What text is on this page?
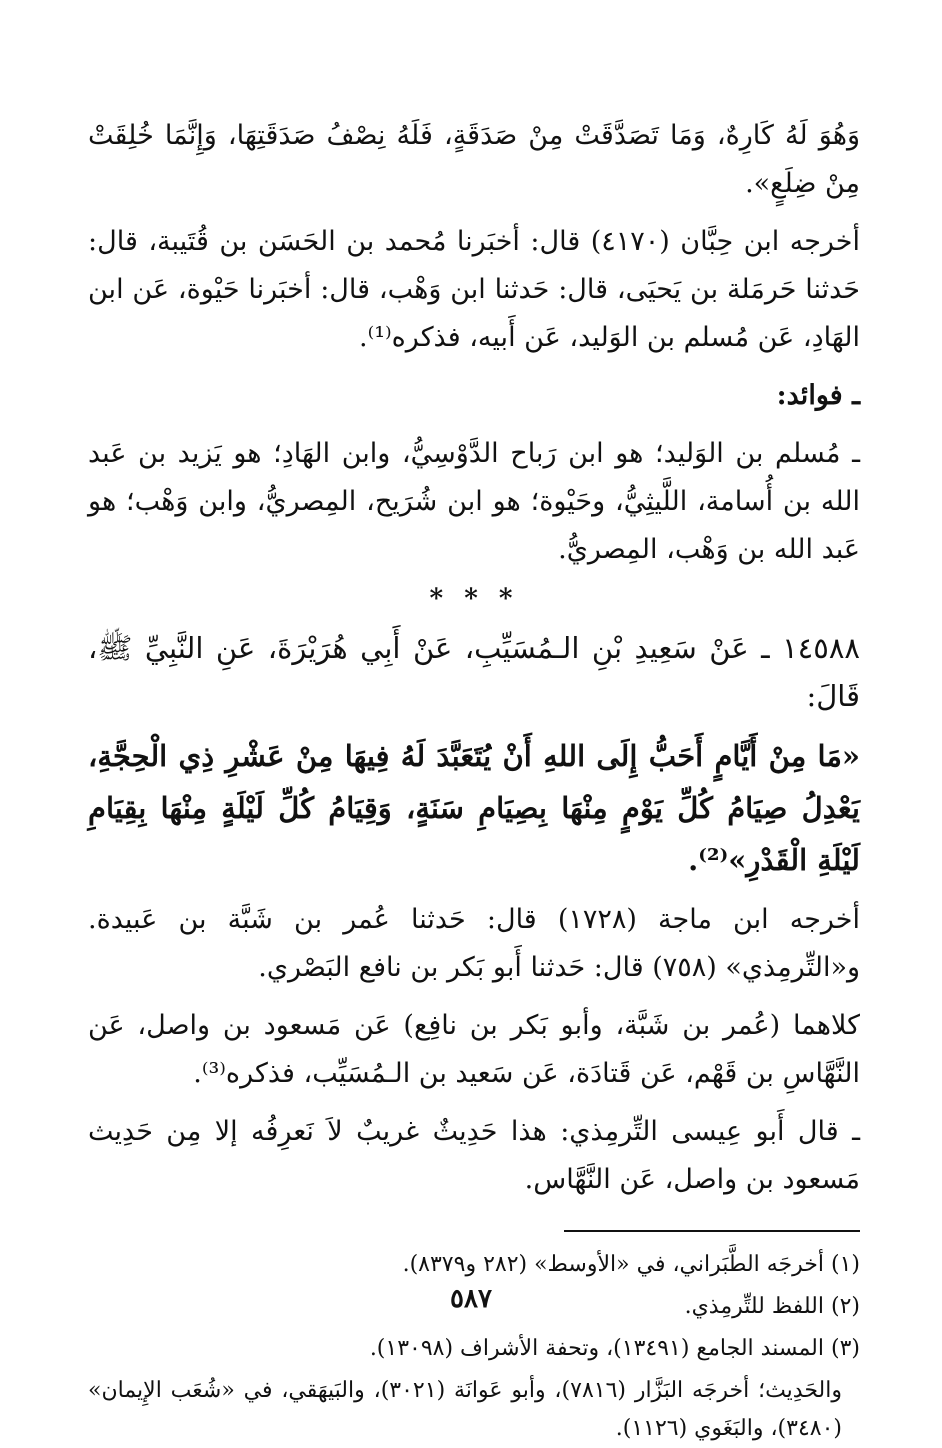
وَهُوَ لَهُ كَارِهٌ، وَمَا تَصَدَّقَتْ مِنْ صَدَقَةٍ، فَلَهُ نِصْفُ صَدَقَتِهَا، وَإِنَّمَا خُلِقَتْ مِنْ ضِلَعٍ».

أخرجه ابن حِبَّان (٤١٧٠) قال: أخبَرنا مُحمد بن الحَسَن بن قُتَيبة، قال: حَدثنا حَرمَلة بن يَحيَى، قال: حَدثنا ابن وَهْب، قال: أخبَرنا حَيْوة، عَن ابن الهَادِ، عَن مُسلم بن الوَليد، عَن أَبيه، فذكره⁽¹⁾.

ـ فوائد:

ـ مُسلم بن الوَليد؛ هو ابن رَباح الدَّوْسِيُّ، وابن الهَادِ؛ هو يَزيد بن عَبد الله بن أُسامة، اللَّيثِيُّ، وحَيْوة؛ هو ابن شُرَيح، المِصريُّ، وابن وَهْب؛ هو عَبد الله بن وَهْب، المِصريُّ.

* * *

١٤٥٨٨ ـ عَنْ سَعِيدِ بْنِ الـمُسَيِّبِ، عَنْ أَبِي هُرَيْرَةَ، عَنِ النَّبِيِّ ﷺ، قَالَ:

«مَا مِنْ أَيَّامٍ أَحَبُّ إِلَى اللهِ أَنْ يُتَعَبَّدَ لَهُ فِيهَا مِنْ عَشْرِ ذِي الْحِجَّةِ، يَعْدِلُ صِيَامُ كُلِّ يَوْمٍ مِنْهَا بِصِيَامِ سَنَةٍ، وَقِيَامُ كُلِّ لَيْلَةٍ مِنْهَا بِقِيَامِ لَيْلَةِ الْقَدْرِ»⁽²⁾.

أخرجه ابن ماجة (١٧٢٨) قال: حَدثنا عُمر بن شَبَّة بن عَبيدة. و«التِّرمِذي» (٧٥٨) قال: حَدثنا أَبو بَكر بن نافع البَصْري.

كلاهما (عُمر بن شَبَّة، وأبو بَكر بن نافِع) عَن مَسعود بن واصل، عَن النَّهَّاسِ بن قَهْم، عَن قَتادَة، عَن سَعيد بن الـمُسَيِّب، فذكره⁽³⁾.

ـ قال أَبو عِيسى التِّرمِذي: هذا حَدِيثٌ غريبٌ لاَ نَعرِفُه إلا مِن حَدِيث مَسعود بن واصل، عَن النَّهَّاس.

(١) أخرجَه الطَّبَراني، في «الأوسط» (٢٨٢ و٨٣٧٩).

(٢) اللفظ للتِّرمِذي.

(٣) المسند الجامع (١٣٤٩١)، وتحفة الأشراف (١٣٠٩٨).

والحَدِيث؛ أخرجَه البَزَّار (٧٨١٦)، وأبو عَوانَة (٣٠٢١)، والبَيهَقي، في «شُعَب الإِيمان» (٣٤٨٠)، والبَغَوي (١١٢٦).

٥٨٧
